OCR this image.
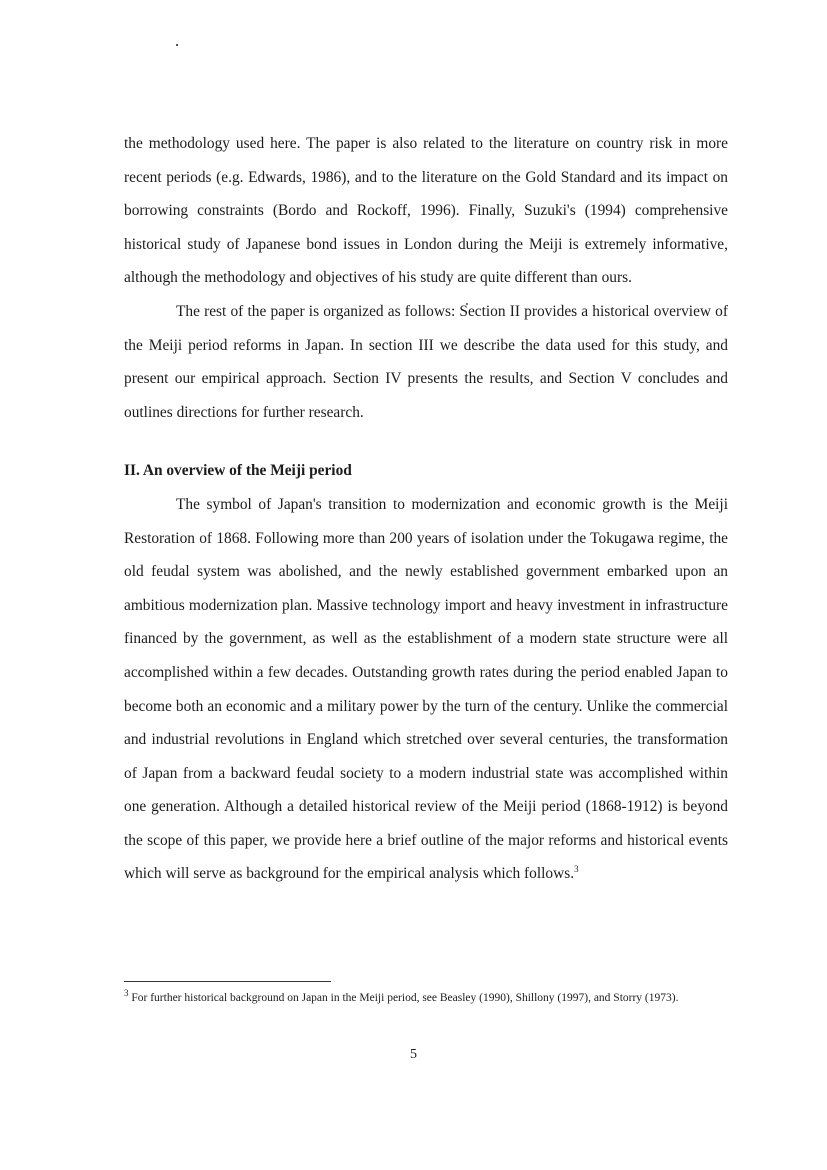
the methodology used here. The paper is also related to the literature on country risk in more recent periods (e.g. Edwards, 1986), and to the literature on the Gold Standard and its impact on borrowing constraints (Bordo and Rockoff, 1996). Finally, Suzuki's (1994) comprehensive historical study of Japanese bond issues in London during the Meiji is extremely informative, although the methodology and objectives of his study are quite different than ours.

The rest of the paper is organized as follows: Section II provides a historical overview of the Meiji period reforms in Japan. In section III we describe the data used for this study, and present our empirical approach. Section IV presents the results, and Section V concludes and outlines directions for further research.

II. An overview of the Meiji period

The symbol of Japan's transition to modernization and economic growth is the Meiji Restoration of 1868. Following more than 200 years of isolation under the Tokugawa regime, the old feudal system was abolished, and the newly established government embarked upon an ambitious modernization plan. Massive technology import and heavy investment in infrastructure financed by the government, as well as the establishment of a modern state structure were all accomplished within a few decades. Outstanding growth rates during the period enabled Japan to become both an economic and a military power by the turn of the century. Unlike the commercial and industrial revolutions in England which stretched over several centuries, the transformation of Japan from a backward feudal society to a modern industrial state was accomplished within one generation. Although a detailed historical review of the Meiji period (1868-1912) is beyond the scope of this paper, we provide here a brief outline of the major reforms and historical events which will serve as background for the empirical analysis which follows.$^3$

$^3$ For further historical background on Japan in the Meiji period, see Beasley (1990), Shillony (1997), and Storry (1973).
5
